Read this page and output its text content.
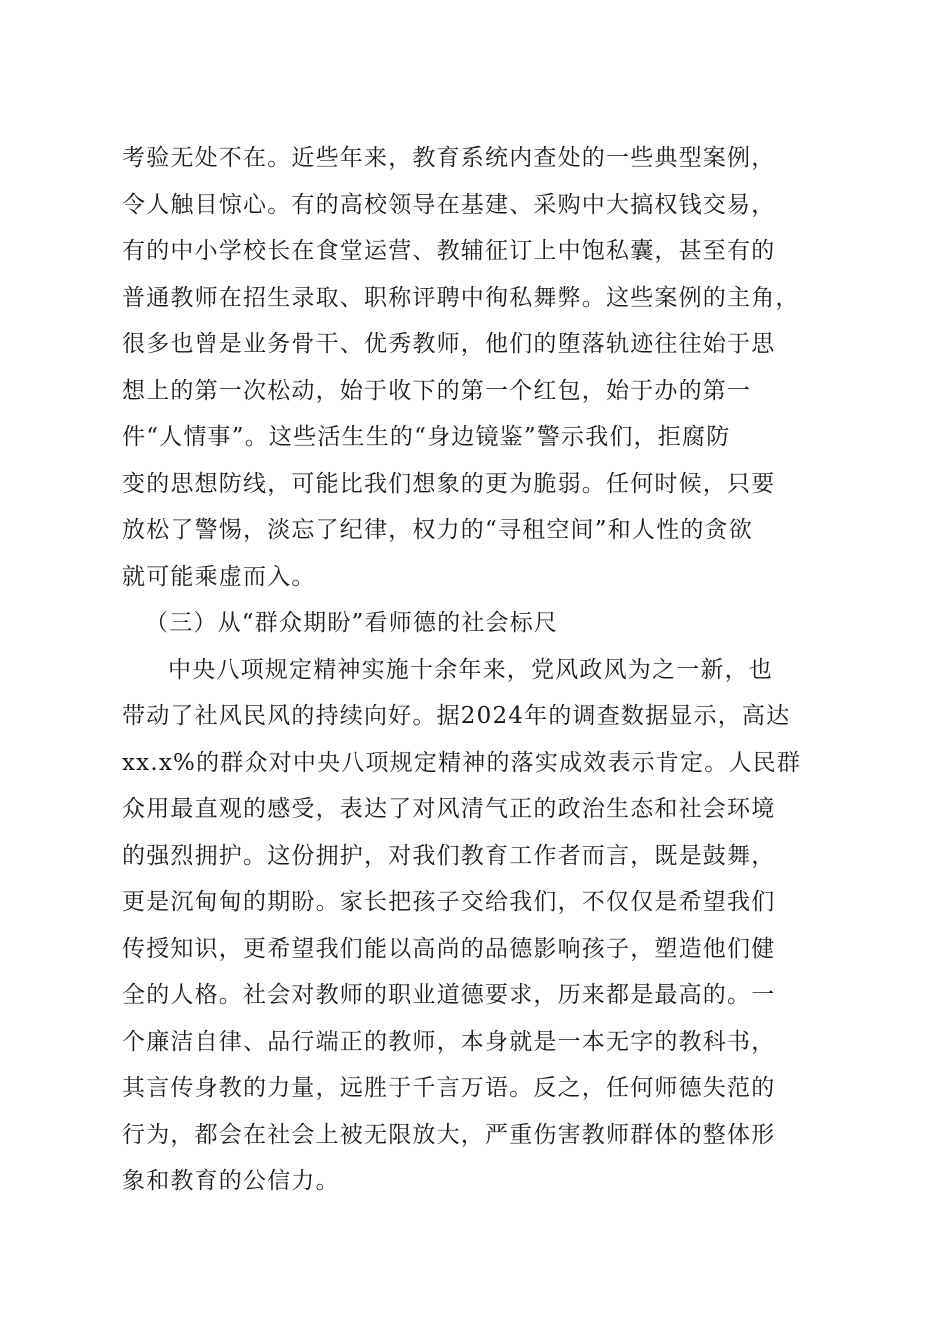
考验无处不在。近些年来，教育系统内查处的一些典型案例，
令人触目惊心。有的高校领导在基建、采购中大搞权钱交易，
有的中小学校长在食堂运营、教辅征订上中饱私囊，甚至有的
普通教师在招生录取、职称评聘中徇私舞弊。这些案例的主角，
很多也曾是业务骨干、优秀教师，他们的堕落轨迹往往始于思
想上的第一次松动，始于收下的第一个红包，始于办的第一
件“人情事”。这些活生生的“身边镜鉴”警示我们，拒腐防
变的思想防线，可能比我们想象的更为脆弱。任何时候，只要
放松了警惕，淡忘了纪律，权力的“寻租空间”和人性的贪欲
就可能乘虚而入。
（三）从“群众期盼”看师德的社会标尺
中央八项规定精神实施十余年来，党风政风为之一新，也
带动了社风民风的持续向好。据2024年的调查数据显示，高达
xx.x%的群众对中央八项规定精神的落实成效表示肯定。人民群
众用最直观的感受，表达了对风清气正的政治生态和社会环境
的强烈拥护。这份拥护，对我们教育工作者而言，既是鼓舞，
更是沉甸甸的期盼。家长把孩子交给我们，不仅仅是希望我们
传授知识，更希望我们能以高尚的品德影响孩子，塑造他们健
全的人格。社会对教师的职业道德要求，历来都是最高的。一
个廉洁自律、品行端正的教师，本身就是一本无字的教科书，
其言传身教的力量，远胜于千言万语。反之，任何师德失范的
行为，都会在社会上被无限放大，严重伤害教师群体的整体形
象和教育的公信力。
